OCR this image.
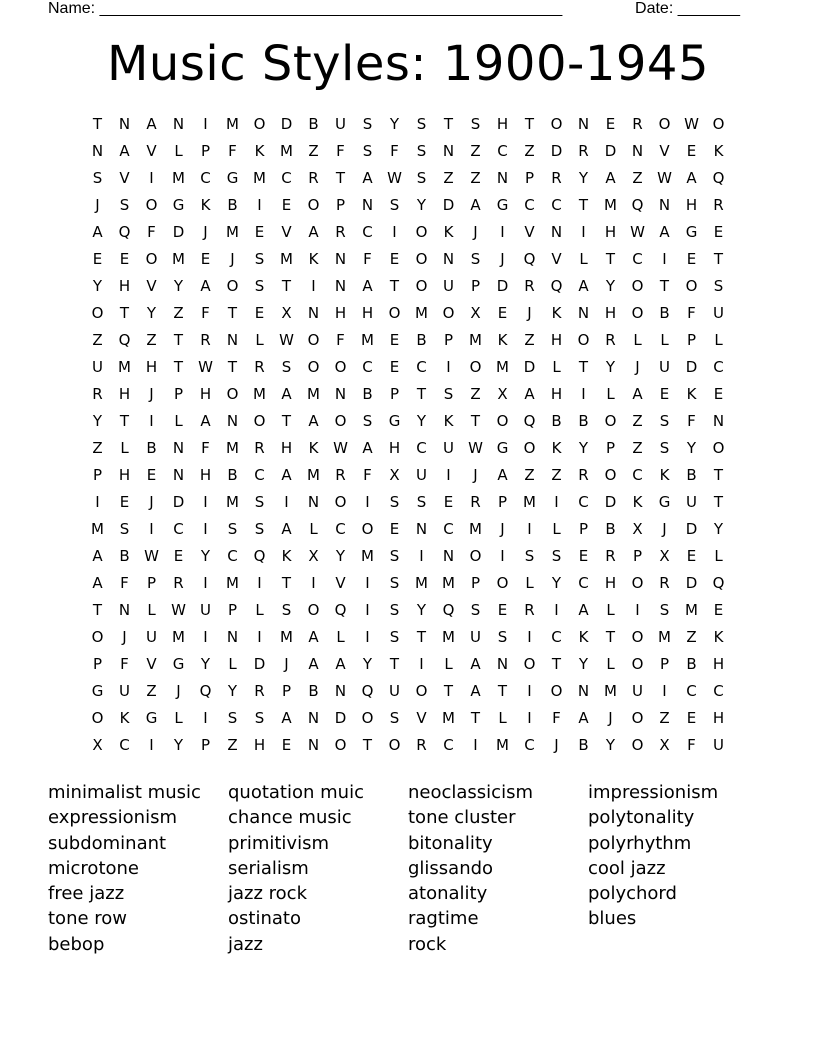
Name: ____________________________________________________	Date: _______
Music Styles: 1900-1945
T	N	A	N	I	M O	D	B	U	S	Y	S	T	S	H	T	O	N	E	R	O W O
N	A	V	L	P	F	K	M	Z	F	S	F	S	N	Z	C	Z	D	R	D	N	V	E	K
S	V	I	M	C	G M	C	R	T	A W S	Z	Z	N	P	R	Y	A	Z W A	Q
J	S	O	G	K	B	I	E	O	P	N	S	Y	D	A	G	C	C	T	M Q	N	H	R
A	Q	F	D	J	M	E	V	A	R	C	I	O	K	J	I	V	N	I	H W A	G	E
E	E	O M	E	J	S	M	K	N	F	E	O	N	S	J	Q	V	L	T	C	I	E	T
Y	H	V	Y	A	O	S	T	I	N	A	T	O	U	P	D	R	Q	A	Y	O	T	O	S
O	T	Y	Z	F	T	E	X	N	H	H	O M O	X	E	J	K	N	H	O	B	F	U
Z	Q	Z	T	R	N	L	W O	F	M	E	B	P	M	K	Z	H	O	R	L	L	P	L
U	M H	T	W T	R	S	O	O	C	E	C	I	O M D	L	T	Y	J	U	D	C
R	H	J	P	H	O M	A	M N	B	P	T	S	Z	X	A	H	I	L	A	E	K	E
Y	T	I	L	A	N	O	T	A	O	S	G	Y	K	T	O	Q	B	B	O	Z	S	F	N
Z	L	B	N	F	M	R	H	K W A	H	C	U W G	O	K	Y	P	Z	S	Y	O
P	H	E	N	H	B	C	A	M	R	F	X	U	I	J	A	Z	Z	R	O	C	K	B	T
I	E	J	D	I	M	S	I	N	O	I	S	S	E	R	P	M	I	C	D	K	G	U	T
M	S	I	C	I	S	S	A	L	C	O	E	N	C	M	J	I	L	P	B	X	J	D	Y
A	B W E	Y	C	Q	K	X	Y	M	S	I	N	O	I	S	S	E	R	P	X	E	L
A	F	P	R	I	M	I	T	I	V	I	S	M M	P	O	L	Y	C	H	O	R	D	Q
T	N	L	W U	P	L	S	O	Q	I	S	Y	Q	S	E	R	I	A	L	I	S	M	E
O	J	U	M	I	N	I	M	A	L	I	S	T	M	U	S	I	C	K	T	O M	Z	K
P	F	V	G	Y	L	D	J	A	A	Y	T	I	L	A	N	O	T	Y	L	O	P	B	H
G	U	Z	J	Q	Y	R	P	B	N	Q	U	O	T	A	T	I	O	N M	U	I	C	C
O	K	G	L	I	S	S	A	N	D	O	S	V	M	T	L	I	F	A	J	O	Z	E	H
X	C	I	Y	P	Z	H	E	N	O	T	O	R	C	I	M	C	J	B	Y	O	X	F	U
minimalist music	quotation muic	neoclassicism	impressionism
expressionism	chance music	tone cluster	polytonality
subdominant	primitivism	bitonality	polyrhythm
microtone	serialism	glissando	cool jazz
free jazz	jazz rock	atonality	polychord
tone row	ostinato	ragtime	blues
bebop	jazz	rock
